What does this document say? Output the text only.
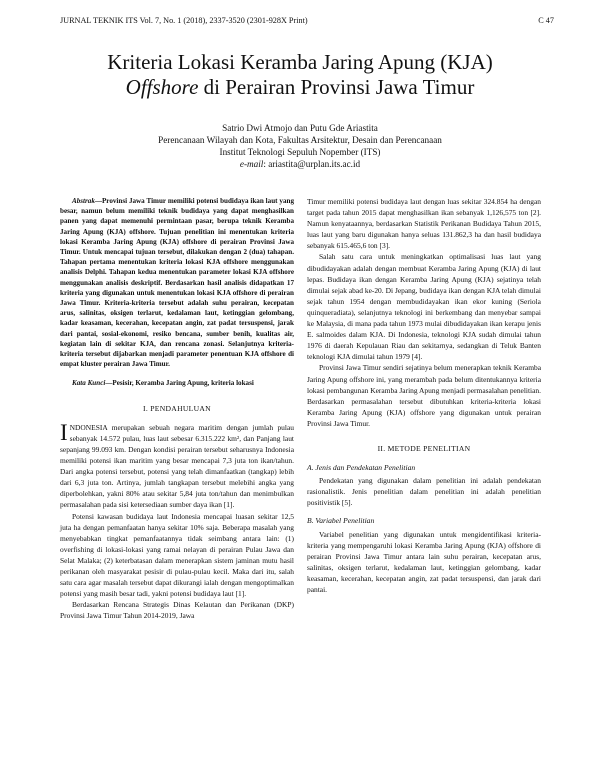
JURNAL TEKNIK ITS Vol. 7, No. 1 (2018), 2337-3520 (2301-928X Print)	C 47
Kriteria Lokasi Keramba Jaring Apung (KJA)
Offshore di Perairan Provinsi Jawa Timur
Satrio Dwi Atmojo dan Putu Gde Ariastita
Perencanaan Wilayah dan Kota, Fakultas Arsitektur, Desain dan Perencanaan
Institut Teknologi Sepuluh Nopember (ITS)
e-mail: ariastita@urplan.its.ac.id

Abstrak—Provinsi Jawa Timur memiliki potensi budidaya ikan laut yang besar, namun belum memiliki teknik budidaya yang dapat menghasilkan panen yang dapat memenuhi permintaan pasar, berupa teknik Keramba Jaring Apung (KJA) offshore. Tujuan penelitian ini menentukan kriteria lokasi Keramba Jaring Apung (KJA) offshore di perairan Provinsi Jawa Timur. Untuk mencapai tujuan tersebut, dilakukan dengan 2 (dua) tahapan. Tahapan pertama menentukan kriteria lokasi KJA offshore menggunakan analisis Delphi. Tahapan kedua menentukan parameter lokasi KJA offshore menggunakan analisis deskriptif. Berdasarkan hasil analisis didapatkan 17 kriteria yang digunakan untuk menentukan lokasi KJA offshore di perairan Jawa Timur. Kriteria-kriteria tersebut adalah suhu perairan, kecepatan arus, salinitas, oksigen terlarut, kedalaman laut, ketinggian gelombang, kadar keasaman, kecerahan, kecepatan angin, zat padat tersuspensi, jarak dari pantai, sosial-ekonomi, resiko bencana, sumber benih, kualitas air, kegiatan lain di sekitar KJA, dan rencana zonasi. Selanjutnya kriteria-kriteria tersebut dijabarkan menjadi parameter penentuan KJA offshore di empat kluster perairan Jawa Timur.

Kata Kunci—Pesisir, Keramba Jaring Apung, kriteria lokasi

I. PENDAHULUAN

INDONESIA merupakan sebuah negara maritim dengan jumlah pulau sebanyak 14.572 pulau, luas laut sebesar 6.315.222 km², dan Panjang laut sepanjang 99.093 km. Dengan kondisi perairan tersebut seharusnya Indonesia memiliki potensi ikan maritim yang besar mencapai 7,3 juta ton ikan/tahun. Dari angka potensi tersebut, potensi yang telah dimanfaatkan (tangkap) lebih dari 6,3 juta ton. Artinya, jumlah tangkapan tersebut melebihi angka yang diperbolehkan, yakni 80% atau sekitar 5,84 juta ton/tahun dan menimbulkan permasalahan pada sisi ketersediaan sumber daya ikan [1].

Potensi kawasan budidaya laut Indonesia mencapai luasan sekitar 12,5 juta ha dengan pemanfaatan hanya sekitar 10% saja. Beberapa masalah yang menyebabkan tingkat pemanfaatannya tidak seimbang antara lain: (1) overfishing di lokasi-lokasi yang ramai nelayan di perairan Pulau Jawa dan Selat Malaka; (2) keterbatasan dalam menerapkan sistem jaminan mutu hasil perikanan oleh masyarakat pesisir di pulau-pulau kecil. Maka dari itu, salah satu cara agar masalah tersebut dapat dikurangi ialah dengan mengoptimalkan potensi yang masih besar tadi, yakni potensi budidaya laut [1].

Berdasarkan Rencana Strategis Dinas Kelautan dan Perikanan (DKP) Provinsi Jawa Timur Tahun 2014-2019, Jawa

Timur memiliki potensi budidaya laut dengan luas sekitar 324.854 ha dengan target pada tahun 2015 dapat menghasilkan ikan sebanyak 1,126,575 ton [2]. Namun kenyataannya, berdasarkan Statistik Perikanan Budidaya Tahun 2015, luas laut yang baru digunakan hanya seluas 131.862,3 ha dan hasil budidaya sebanyak 615.465,6 ton [3].

Salah satu cara untuk meningkatkan optimalisasi luas laut yang dibudidayakan adalah dengan membuat Keramba Jaring Apung (KJA) di laut lepas. Budidaya ikan dengan Keramba Jaring Apung (KJA) sejatinya telah dimulai sejak abad ke-20. Di Jepang, budidaya ikan dengan KJA telah dimulai sejak tahun 1954 dengan membudidayakan ikan ekor kuning (Seriola quinqueradiata), selanjutnya teknologi ini berkembang dan menyebar sampai ke Malaysia, di mana pada tahun 1973 mulai dibudidayakan ikan kerapu jenis E. salmoides dalam KJA. Di Indonesia, teknologi KJA sudah dimulai tahun 1976 di daerah Kepulauan Riau dan sekitarnya, sedangkan di Teluk Banten teknologi KJA dimulai tahun 1979 [4].

Provinsi Jawa Timur sendiri sejatinya belum menerapkan teknik Keramba Jaring Apung offshore ini, yang merambah pada belum ditentukannya kriteria lokasi pembangunan Keramba Jaring Apung menjadi permasalahan penelitian. Berdasarkan permasalahan tersebut dibutuhkan kriteria-kriteria lokasi Keramba Jaring Apung (KJA) offshore yang digunakan untuk perairan Provinsi Jawa Timur.

II. METODE PENELITIAN
A. Jenis dan Pendekatan Penelitian

Pendekatan yang digunakan dalam penelitian ini adalah pendekatan rasionalistik. Jenis penelitian dalam penelitian ini adalah penelitian positivistik [5].

B. Variabel Penelitian

Variabel penelitian yang digunakan untuk mengidentifikasi kriteria-kriteria yang mempengaruhi lokasi Keramba Jaring Apung (KJA) offshore di perairan Provinsi Jawa Timur antara lain suhu perairan, kecepatan arus, salinitas, oksigen terlarut, kedalaman laut, ketinggian gelombang, kadar keasaman, kecerahan, kecepatan angin, zat padat tersuspensi, dan jarak dari pantai.
